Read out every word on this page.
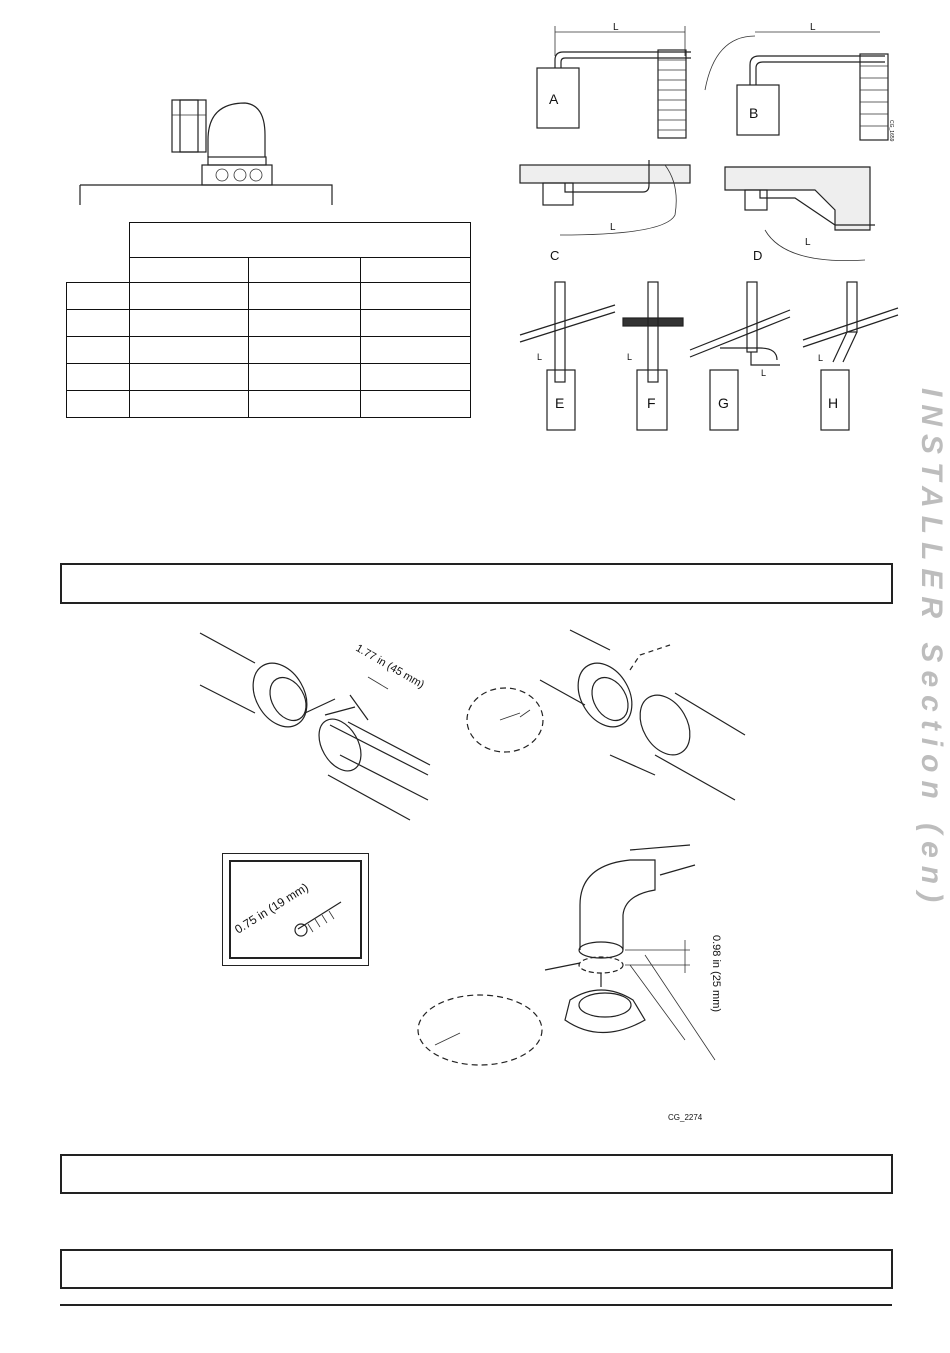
INSTALLER Section (en)

L
A
L
B
CG_1659
L
C
L
D
L
E
L
F
L
G
L
H
1.77 in (45 mm)
0.75 in (19 mm)
0.98 in (25 mm)
CG_2274
